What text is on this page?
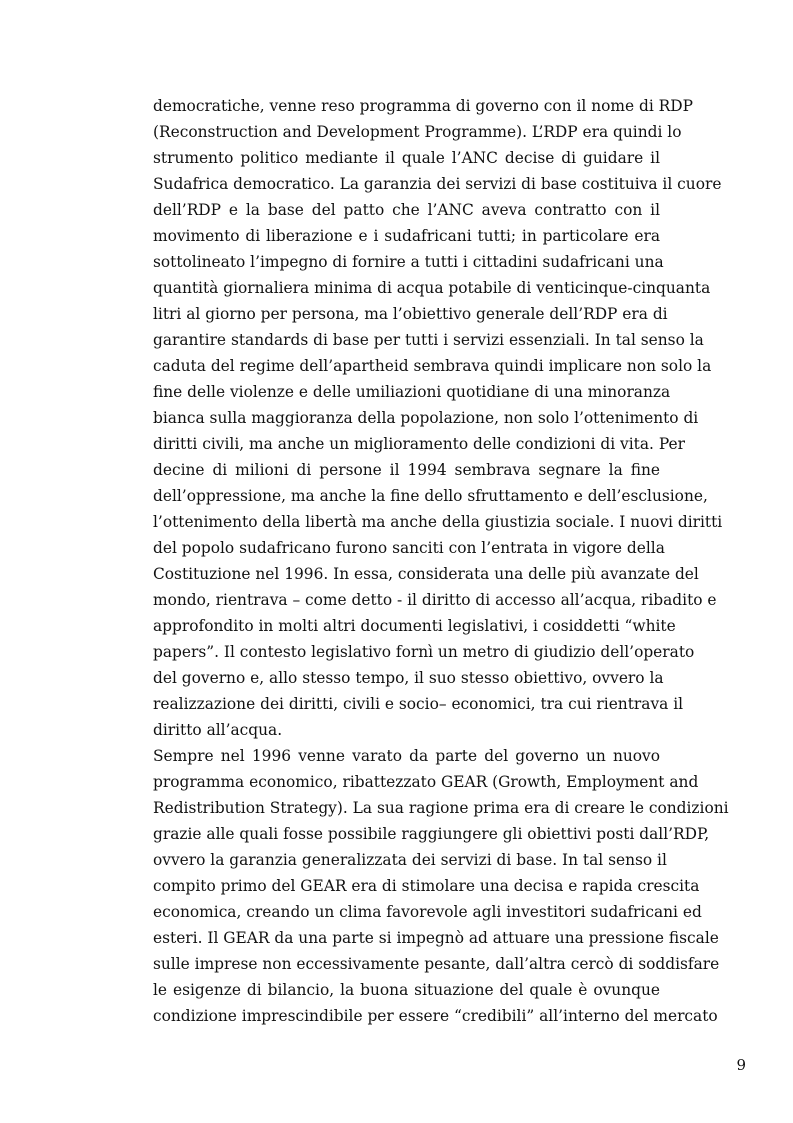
democratiche, venne reso programma di governo con il nome di RDP
(Reconstruction and Development Programme). L’RDP era quindi lo
strumento politico mediante il quale l’ANC decise di guidare il
Sudafrica democratico. La garanzia dei servizi di base costituiva il cuore
dell’RDP e la base del patto che l’ANC aveva contratto con il
movimento di liberazione e i sudafricani tutti; in particolare era
sottolineato l’impegno di fornire a tutti i cittadini sudafricani una
quantità giornaliera minima di acqua potabile di venticinque-cinquanta
litri al giorno per persona, ma l’obiettivo generale dell’RDP era di
garantire standards di base per tutti i servizi essenziali. In tal senso la
caduta del regime dell’apartheid sembrava quindi implicare non solo la
fine delle violenze e delle umiliazioni quotidiane di una minoranza
bianca sulla maggioranza della popolazione, non solo l’ottenimento di
diritti civili, ma anche un miglioramento delle condizioni di vita. Per
decine di milioni di persone il 1994 sembrava segnare la fine
dell’oppressione, ma anche la fine dello sfruttamento e dell’esclusione,
l’ottenimento della libertà ma anche della giustizia sociale. I nuovi diritti
del popolo sudafricano furono sanciti con l’entrata in vigore della
Costituzione nel 1996. In essa, considerata una delle più avanzate del
mondo, rientrava – come detto - il diritto di accesso all’acqua, ribadito e
approfondito in molti altri documenti legislativi, i cosiddetti “white
papers”. Il contesto legislativo fornì un metro di giudizio dell’operato
del governo e, allo stesso tempo, il suo stesso obiettivo, ovvero la
realizzazione dei diritti, civili e socio– economici, tra cui rientrava il
diritto all’acqua.
Sempre nel 1996 venne varato da parte del governo un nuovo
programma economico, ribattezzato GEAR (Growth, Employment and
Redistribution Strategy). La sua ragione prima era di creare le condizioni
grazie alle quali fosse possibile raggiungere gli obiettivi posti dall’RDP,
ovvero la garanzia generalizzata dei servizi di base. In tal senso il
compito primo del GEAR era di stimolare una decisa e rapida crescita
economica, creando un clima favorevole agli investitori sudafricani ed
esteri. Il GEAR da una parte si impegnò ad attuare una pressione fiscale
sulle imprese non eccessivamente pesante, dall’altra cercò di soddisfare
le esigenze di bilancio, la buona situazione del quale è ovunque
condizione imprescindibile per essere “credibili” all’interno del mercato
9
